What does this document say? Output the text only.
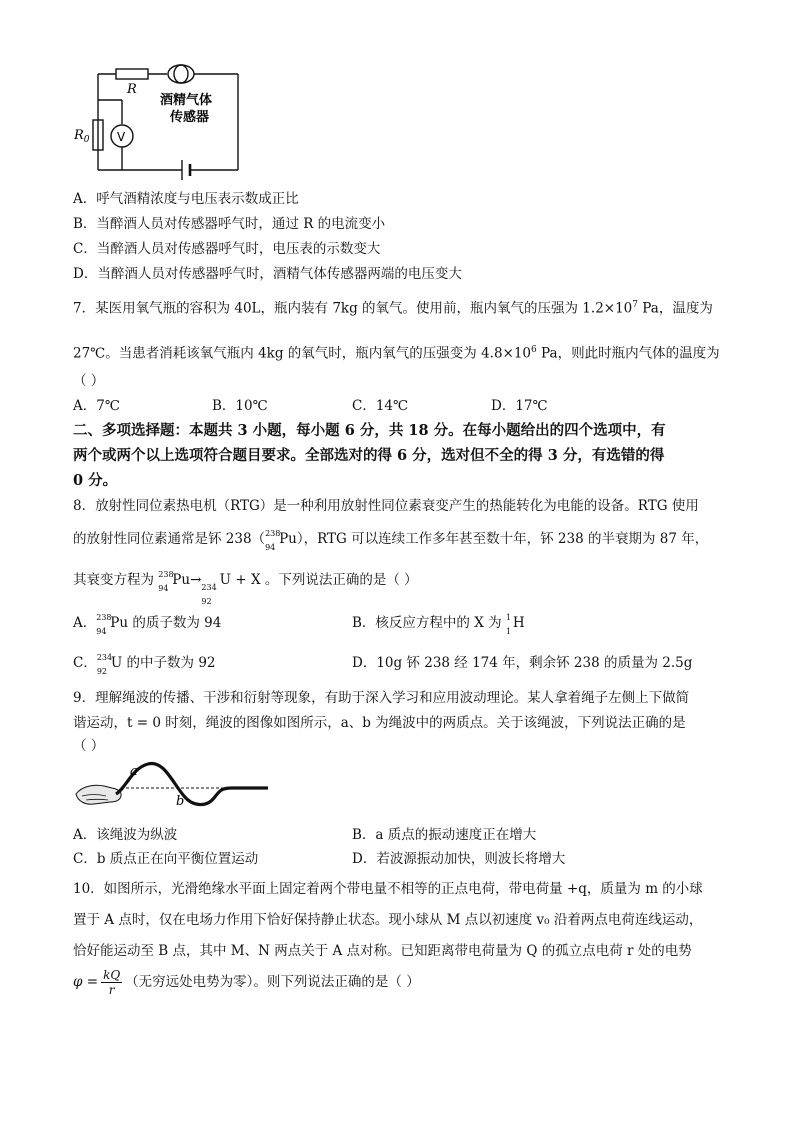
R
$R_0$ V
酒精气体
传感器
A．呼气酒精浓度与电压表示数成正比
B．当醉酒人员对传感器呼气时，通过 R 的电流变小
C．当醉酒人员对传感器呼气时，电压表的示数变大
D．当醉酒人员对传感器呼气时，酒精气体传感器两端的电压变大
7．某医用氧气瓶的容积为 40L，瓶内装有 7kg 的氧气。使用前，瓶内氧气的压强为 $1.2\times 10^7$ Pa，温度为
27℃。当患者消耗该氧气瓶内 4kg 的氧气时，瓶内氧气的压强变为 $4.8\times 10^6$ Pa，则此时瓶内气体的温度为
（ ）
A．7℃	B．10℃	C．14℃	D．17℃
二、多项选择题：本题共 3 小题，每小题 6 分，共 18 分。在每小题给出的四个选项中，有
两个或两个以上选项符合题目要求。全部选对的得 6 分，选对但不全的得 3 分，有选错的得
0 分。
8．放射性同位素热电机（RTG）是一种利用放射性同位素衰变产生的热能转化为电能的设备。RTG 使用
的放射性同位素通常是钚 238（ 238
94
Pu），RTG 可以连续工作多年甚至数十年，钚 238 的半衰期为 87 年，
其衰变方程为 238
94
Pu→ 234
92
U + X 。下列说法正确的是（ ）
A． 238
94
Pu 的质子数为 94	B．核反应方程中的 X 为 1
1
H
C． 234
92
U 的中子数为 92	D．10g 钚 238 经 174 年，剩余钚 238 的质量为 2.5g
9．理解绳波的传播、干涉和衍射等现象，有助于深入学习和应用波动理论。某人拿着绳子左侧上下做简
谐运动，t = 0 时刻，绳波的图像如图所示，a、b 为绳波中的两质点。关于该绳波，下列说法正确的是
（ ）
a
b
A．该绳波为纵波	B．a 质点的振动速度正在增大
C．b 质点正在向平衡位置运动	D．若波源振动加快，则波长将增大
10．如图所示，光滑绝缘水平面上固定着两个带电量不相等的正点电荷，带电荷量 +q，质量为 m 的小球
置于 A 点时，仅在电场力作用下恰好保持静止状态。现小球从 M 点以初速度 v₀ 沿着两点电荷连线运动，
恰好能运动至 B 点，其中 M、N 两点关于 A 点对称。已知距离带电荷量为 Q 的孤立点电荷 r 处的电势
$\varphi = \frac{kQ}{r}$ （无穷远处电势为零）。则下列说法正确的是（ ）
